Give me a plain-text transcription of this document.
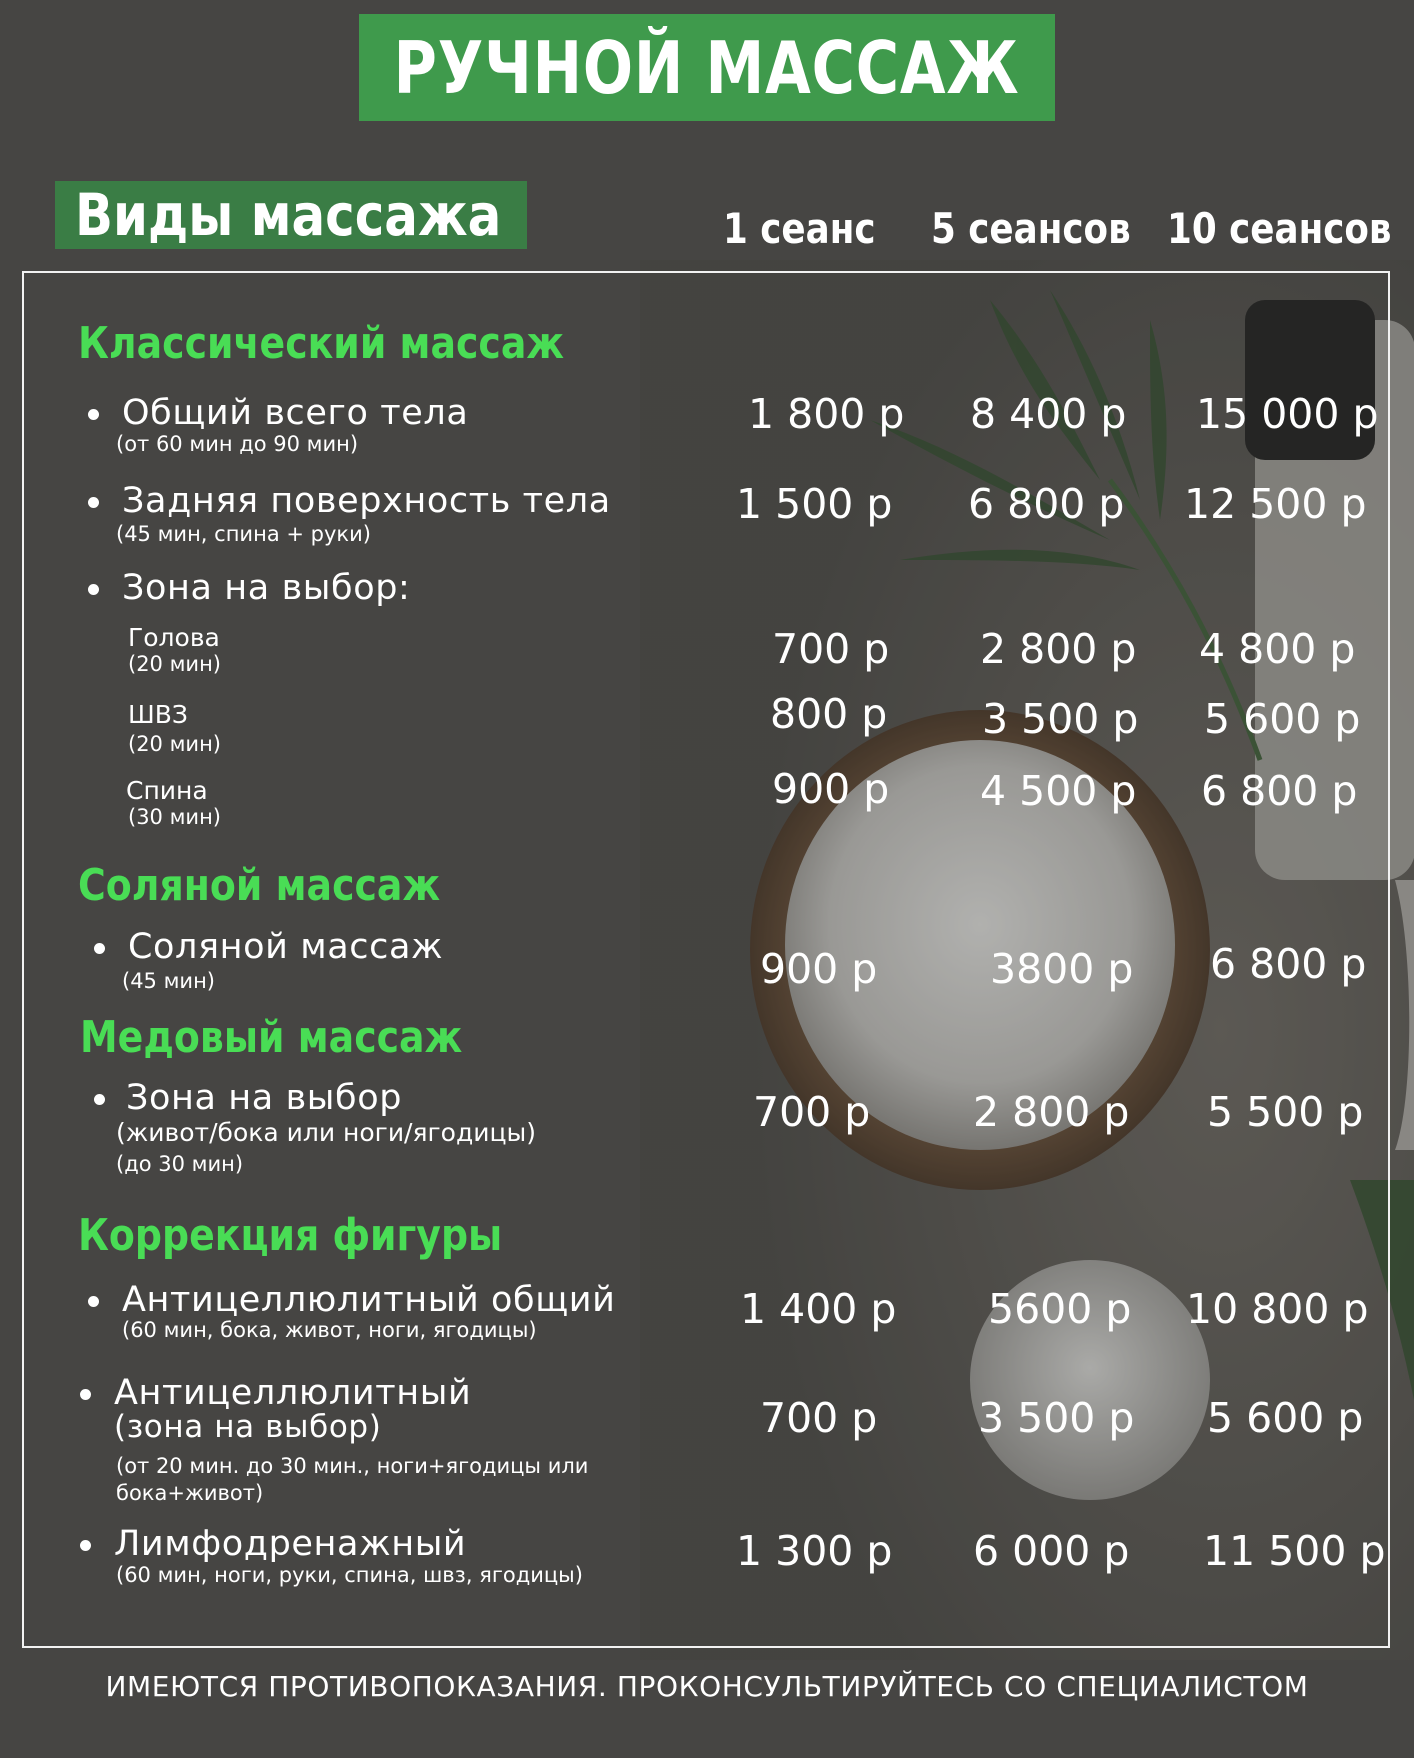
РУЧНОЙ МАССАЖ
Виды массажа	1 сеанс 5 сеансов 10 сеансов
Классический массаж
Общий всего тела
(от 60 мин до 90 мин)
1 800 р 8 400 р 15 000 р
Задняя поверхность тела
(45 мин, спина + руки)
1 500 р 6 800 р 12 500 р
Зона на выбор:
Голова
(20 мин)	700 р 2 800 р 4 800 р
ШВЗ
(20 мин)
800 р 3 500 р 5 600 р
Спина
(30 мин)
900 р 4 500 р 6 800 р
Соляной массаж
Соляной массаж
(45 мин)	900 р	3800 р 6 800 р
Медовый массаж
Зона на выбор
(живот/бока или ноги/ягодицы)
(до 30 мин)
700 р	2 800 р 5 500 р
Коррекция фигуры
Антицеллюлитный общий
(60 мин, бока, живот, ноги, ягодицы)	1 400 р 5600 р 10 800 р
Антицеллюлитный
(зона на выбор)
(от 20 мин. до 30 мин., ноги+ягодицы или
бока+живот)
700 р 3 500 р 5 600 р
Лимфодренажный
(60 мин, ноги, руки, спина, швз, ягодицы)	1 300 р 6 000 р 11 500 р
ИМЕЮТСЯ ПРОТИВОПОКАЗАНИЯ. ПРОКОНСУЛЬТИРУЙТЕСЬ СО СПЕЦИАЛИСТОМ
